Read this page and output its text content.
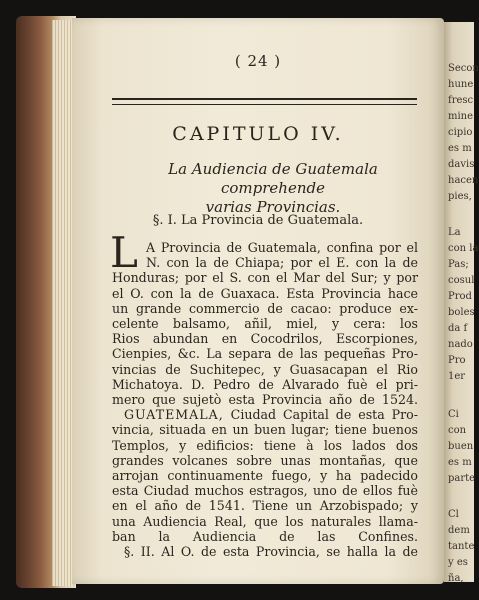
Secon
hune
fresc
mine
cipio
es m
davis
hacen
pies,
La
con la
Pas;
cosul
Prod
boles
da f
nado
Pro
1er
Ci
con
buen
es m
parte
Cl
dem
tante
y es
ña,
( 24 )
CAPITULO IV.
La Audiencia de Guatemala comprehende
varias Provincias.
§. I. La Provincia de Guatemala.
L A Provincia de Guatemala, confina por el
N. con la de Chiapa; por el E. con la de
Honduras; por el S. con el Mar del Sur; y por
el O. con la de Guaxaca. Esta Provincia hace
un grande commercio de cacao: produce ex-
celente balsamo, añil, miel, y cera: los
Rios abundan en Cocodrilos, Escorpiones,
Cienpies, &c. La separa de las pequeñas Pro-
vincias de Suchitepec, y Guasacapan el Rio
Michatoya. D. Pedro de Alvarado fuè el pri-
mero que sujetò esta Provincia año de 1524.
GUATEMALA, Ciudad Capital de esta Pro-
vincia, situada en un buen lugar; tiene buenos
Templos, y edificios: tiene à los lados dos
grandes volcanes sobre unas montañas, que
arrojan continuamente fuego, y ha padecido
esta Ciudad muchos estragos, uno de ellos fuè
en el año de 1541. Tiene un Arzobispado; y
una Audiencia Real, que los naturales llama-
ban la Audiencia de las Confines.
§. II. Al O. de esta Provincia, se halla la de
